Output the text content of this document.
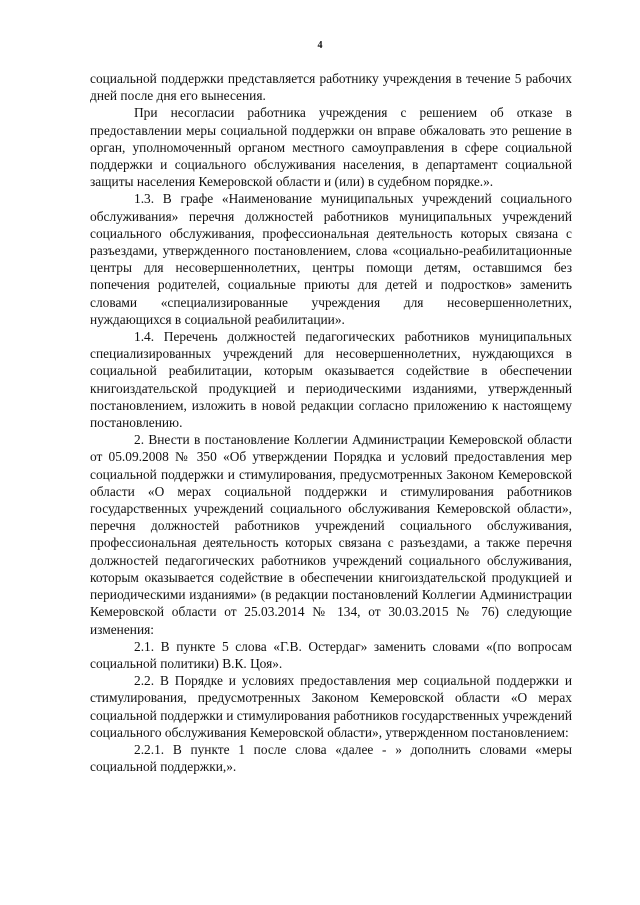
4

социальной поддержки представляется работнику учреждения в течение 5 рабочих дней после дня его вынесения.

При несогласии работника учреждения с решением об отказе в предоставлении меры социальной поддержки он вправе обжаловать это решение в орган, уполномоченный органом местного самоуправления в сфере социальной поддержки и социального обслуживания населения, в департамент социальной защиты населения Кемеровской области и (или) в судебном порядке.».

1.3. В графе «Наименование муниципальных учреждений социального обслуживания» перечня должностей работников муниципальных учреждений социального обслуживания, профессиональная деятельность которых связана с разъездами, утвержденного постановлением, слова «социально-реабилитационные центры для несовершеннолетних, центры помощи детям, оставшимся без попечения родителей, социальные приюты для детей и подростков» заменить словами «специализированные учреждения для несовершеннолетних, нуждающихся в социальной реабилитации».

1.4. Перечень должностей педагогических работников муниципальных специализированных учреждений для несовершеннолетних, нуждающихся в социальной реабилитации, которым оказывается содействие в обеспечении книгоиздательской продукцией и периодическими изданиями, утвержденный постановлением, изложить в новой редакции согласно приложению к настоящему постановлению.

2. Внести в постановление Коллегии Администрации Кемеровской области от 05.09.2008 № 350 «Об утверждении Порядка и условий предоставления мер социальной поддержки и стимулирования, предусмотренных Законом Кемеровской области «О мерах социальной поддержки и стимулирования работников государственных учреждений социального обслуживания Кемеровской области», перечня должностей работников учреждений социального обслуживания, профессиональная деятельность которых связана с разъездами, а также перечня должностей педагогических работников учреждений социального обслуживания, которым оказывается содействие в обеспечении книгоиздательской продукцией и периодическими изданиями» (в редакции постановлений Коллегии Администрации Кемеровской области от 25.03.2014 № 134, от 30.03.2015 № 76) следующие изменения:

2.1. В пункте 5 слова «Г.В. Остердаг» заменить словами «(по вопросам социальной политики) В.К. Цоя».

2.2. В Порядке и условиях предоставления мер социальной поддержки и стимулирования, предусмотренных Законом Кемеровской области «О мерах социальной поддержки и стимулирования работников государственных учреждений социального обслуживания Кемеровской области», утвержденном постановлением:

2.2.1. В пункте 1 после слова «далее - » дополнить словами «меры социальной поддержки,».
